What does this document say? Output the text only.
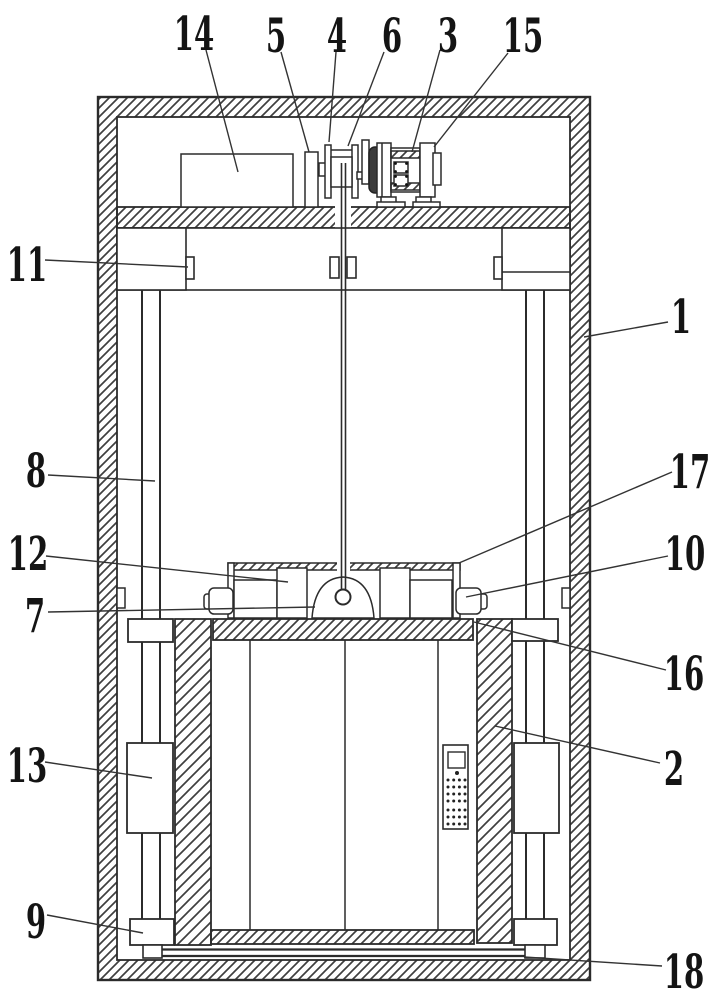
14 5 4 6 3 15
11
1
8	17
12	10
7
16
13	2
9
18
